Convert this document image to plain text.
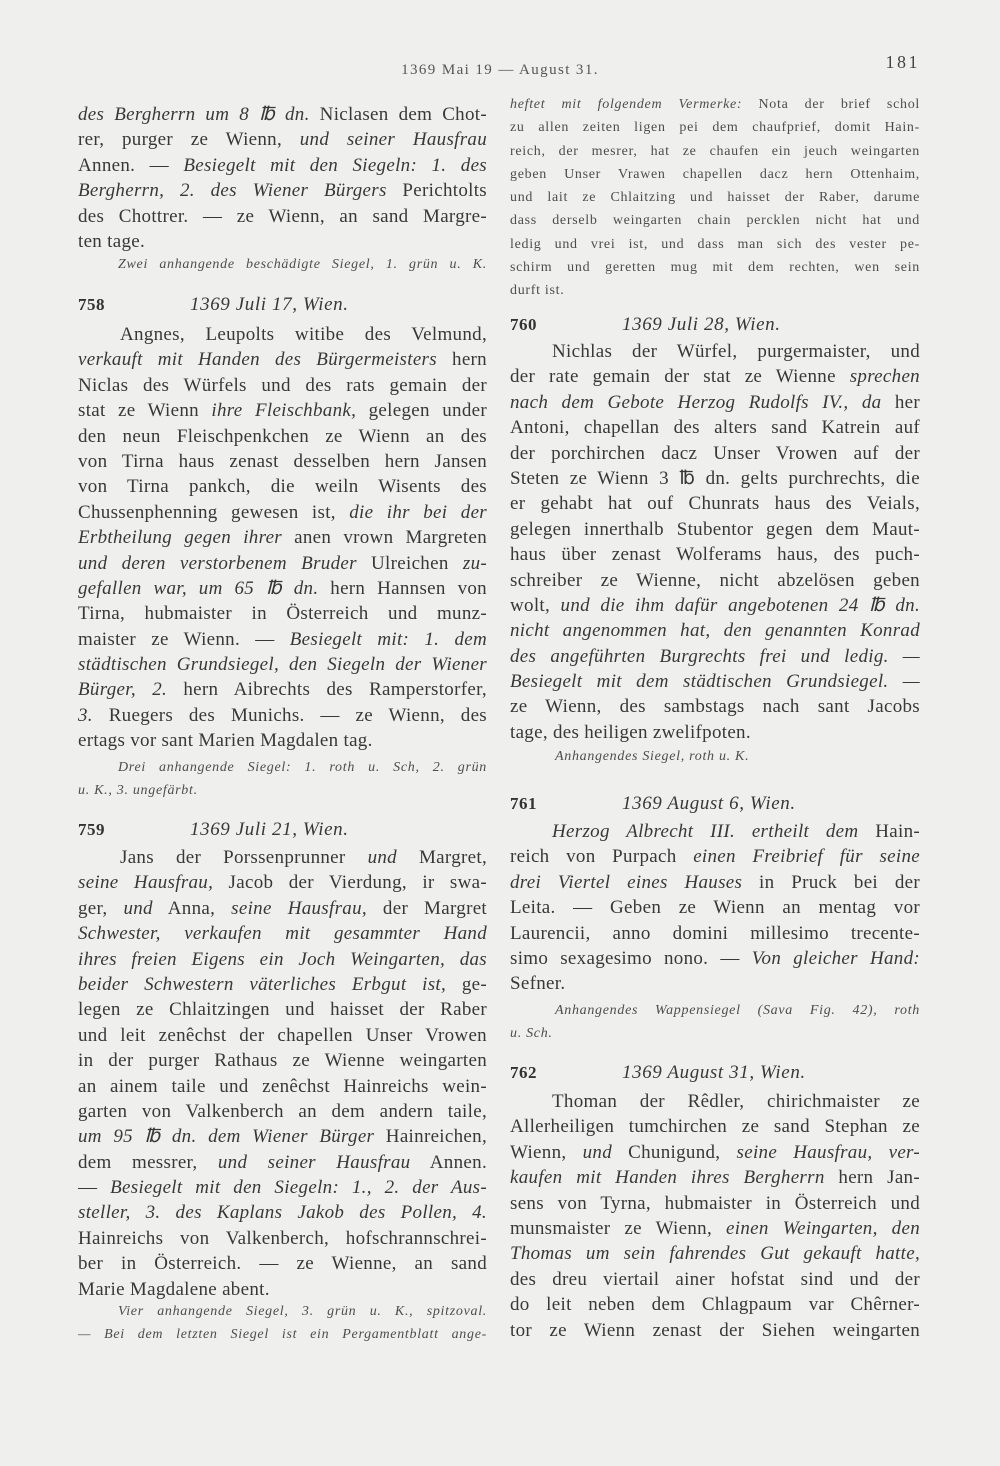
1369 Mai 19 — August 31.	181
des Bergherrn um 8 ℔ dn. Niclasen dem Chot-
rer, purger ze Wienn, und seiner Hausfrau
Annen. — Besiegelt mit den Siegeln: 1. des
Bergherrn, 2. des Wiener Bürgers Perichtolts
des Chottrer. — ze Wienn, an sand Margre-
ten tage.
Zwei anhangende beschädigte Siegel, 1. grün u. K.
758	1369 Juli 17, Wien.
Angnes, Leupolts witibe des Velmund,
verkauft mit Handen des Bürgermeisters hern
Niclas des Würfels und des rats gemain der
stat ze Wienn ihre Fleischbank, gelegen under
den neun Fleischpenkchen ze Wienn an des
von Tirna haus zenast desselben hern Jansen
von Tirna pankch, die weiln Wisents des
Chussenphenning gewesen ist, die ihr bei der
Erbtheilung gegen ihrer anen vrown Margreten
und deren verstorbenem Bruder Ulreichen zu-
gefallen war, um 65 ℔ dn. hern Hannsen von
Tirna, hubmaister in Österreich und munz-
maister ze Wienn. — Besiegelt mit: 1. dem
städtischen Grundsiegel, den Siegeln der Wiener
Bürger, 2. hern Aibrechts des Ramperstorfer,
3. Ruegers des Munichs. — ze Wienn, des
ertags vor sant Marien Magdalen tag.
Drei anhangende Siegel: 1. roth u. Sch, 2. grün
u. K., 3. ungefärbt.
759	1369 Juli 21, Wien.
Jans der Porssenprunner und Margret,
seine Hausfrau, Jacob der Vierdung, ir swa-
ger, und Anna, seine Hausfrau, der Margret
Schwester, verkaufen mit gesammter Hand
ihres freien Eigens ein Joch Weingarten, das
beider Schwestern väterliches Erbgut ist, ge-
legen ze Chlaitzingen und haisset der Raber
und leit zenêchst der chapellen Unser Vrowen
in der purger Rathaus ze Wienne weingarten
an ainem taile und zenêchst Hainreichs wein-
garten von Valkenberch an dem andern taile,
um 95 ℔ dn. dem Wiener Bürger Hainreichen,
dem messrer, und seiner Hausfrau Annen.
— Besiegelt mit den Siegeln: 1., 2. der Aus-
steller, 3. des Kaplans Jakob des Pollen, 4.
Hainreichs von Valkenberch, hofschrannschrei-
ber in Österreich. — ze Wienne, an sand
Marie Magdalene abent.
Vier anhangende Siegel, 3. grün u. K., spitzoval.
— Bei dem letzten Siegel ist ein Pergamentblatt ange-
heftet mit folgendem Vermerke: Nota der brief schol
zu allen zeiten ligen pei dem chaufprief, domit Hain-
reich, der mesrer, hat ze chaufen ein jeuch weingarten
geben Unser Vrawen chapellen dacz hern Ottenhaim,
und lait ze Chlaitzing und haisset der Raber, darume
dass derselb weingarten chain percklen nicht hat und
ledig und vrei ist, und dass man sich des vester pe-
schirm und geretten mug mit dem rechten, wen sein
durft ist.
760	1369 Juli 28, Wien.
Nichlas der Würfel, purgermaister, und
der rate gemain der stat ze Wienne sprechen
nach dem Gebote Herzog Rudolfs IV., da her
Antoni, chapellan des alters sand Katrein auf
der porchirchen dacz Unser Vrowen auf der
Steten ze Wienn 3 ℔ dn. gelts purchrechts, die
er gehabt hat ouf Chunrats haus des Veials,
gelegen innerthalb Stubentor gegen dem Maut-
haus über zenast Wolferams haus, des puch-
schreiber ze Wienne, nicht abzelösen geben
wolt, und die ihm dafür angebotenen 24 ℔ dn.
nicht angenommen hat, den genannten Konrad
des angeführten Burgrechts frei und ledig. —
Besiegelt mit dem städtischen Grundsiegel. —
ze Wienn, des sambstags nach sant Jacobs
tage, des heiligen zwelifpoten.
Anhangendes Siegel, roth u. K.
761	1369 August 6, Wien.
Herzog Albrecht III. ertheilt dem Hain-
reich von Purpach einen Freibrief für seine
drei Viertel eines Hauses in Pruck bei der
Leita. — Geben ze Wienn an mentag vor
Laurencii, anno domini millesimo trecente-
simo sexagesimo nono. — Von gleicher Hand:
Sefner.
Anhangendes Wappensiegel (Sava Fig. 42), roth
u. Sch.
762	1369 August 31, Wien.
Thoman der Rêdler, chirichmaister ze
Allerheiligen tumchirchen ze sand Stephan ze
Wienn, und Chunigund, seine Hausfrau, ver-
kaufen mit Handen ihres Bergherrn hern Jan-
sens von Tyrna, hubmaister in Österreich und
munsmaister ze Wienn, einen Weingarten, den
Thomas um sein fahrendes Gut gekauft hatte,
des dreu viertail ainer hofstat sind und der
do leit neben dem Chlagpaum var Chêrner-
tor ze Wienn zenast der Siehen weingarten
